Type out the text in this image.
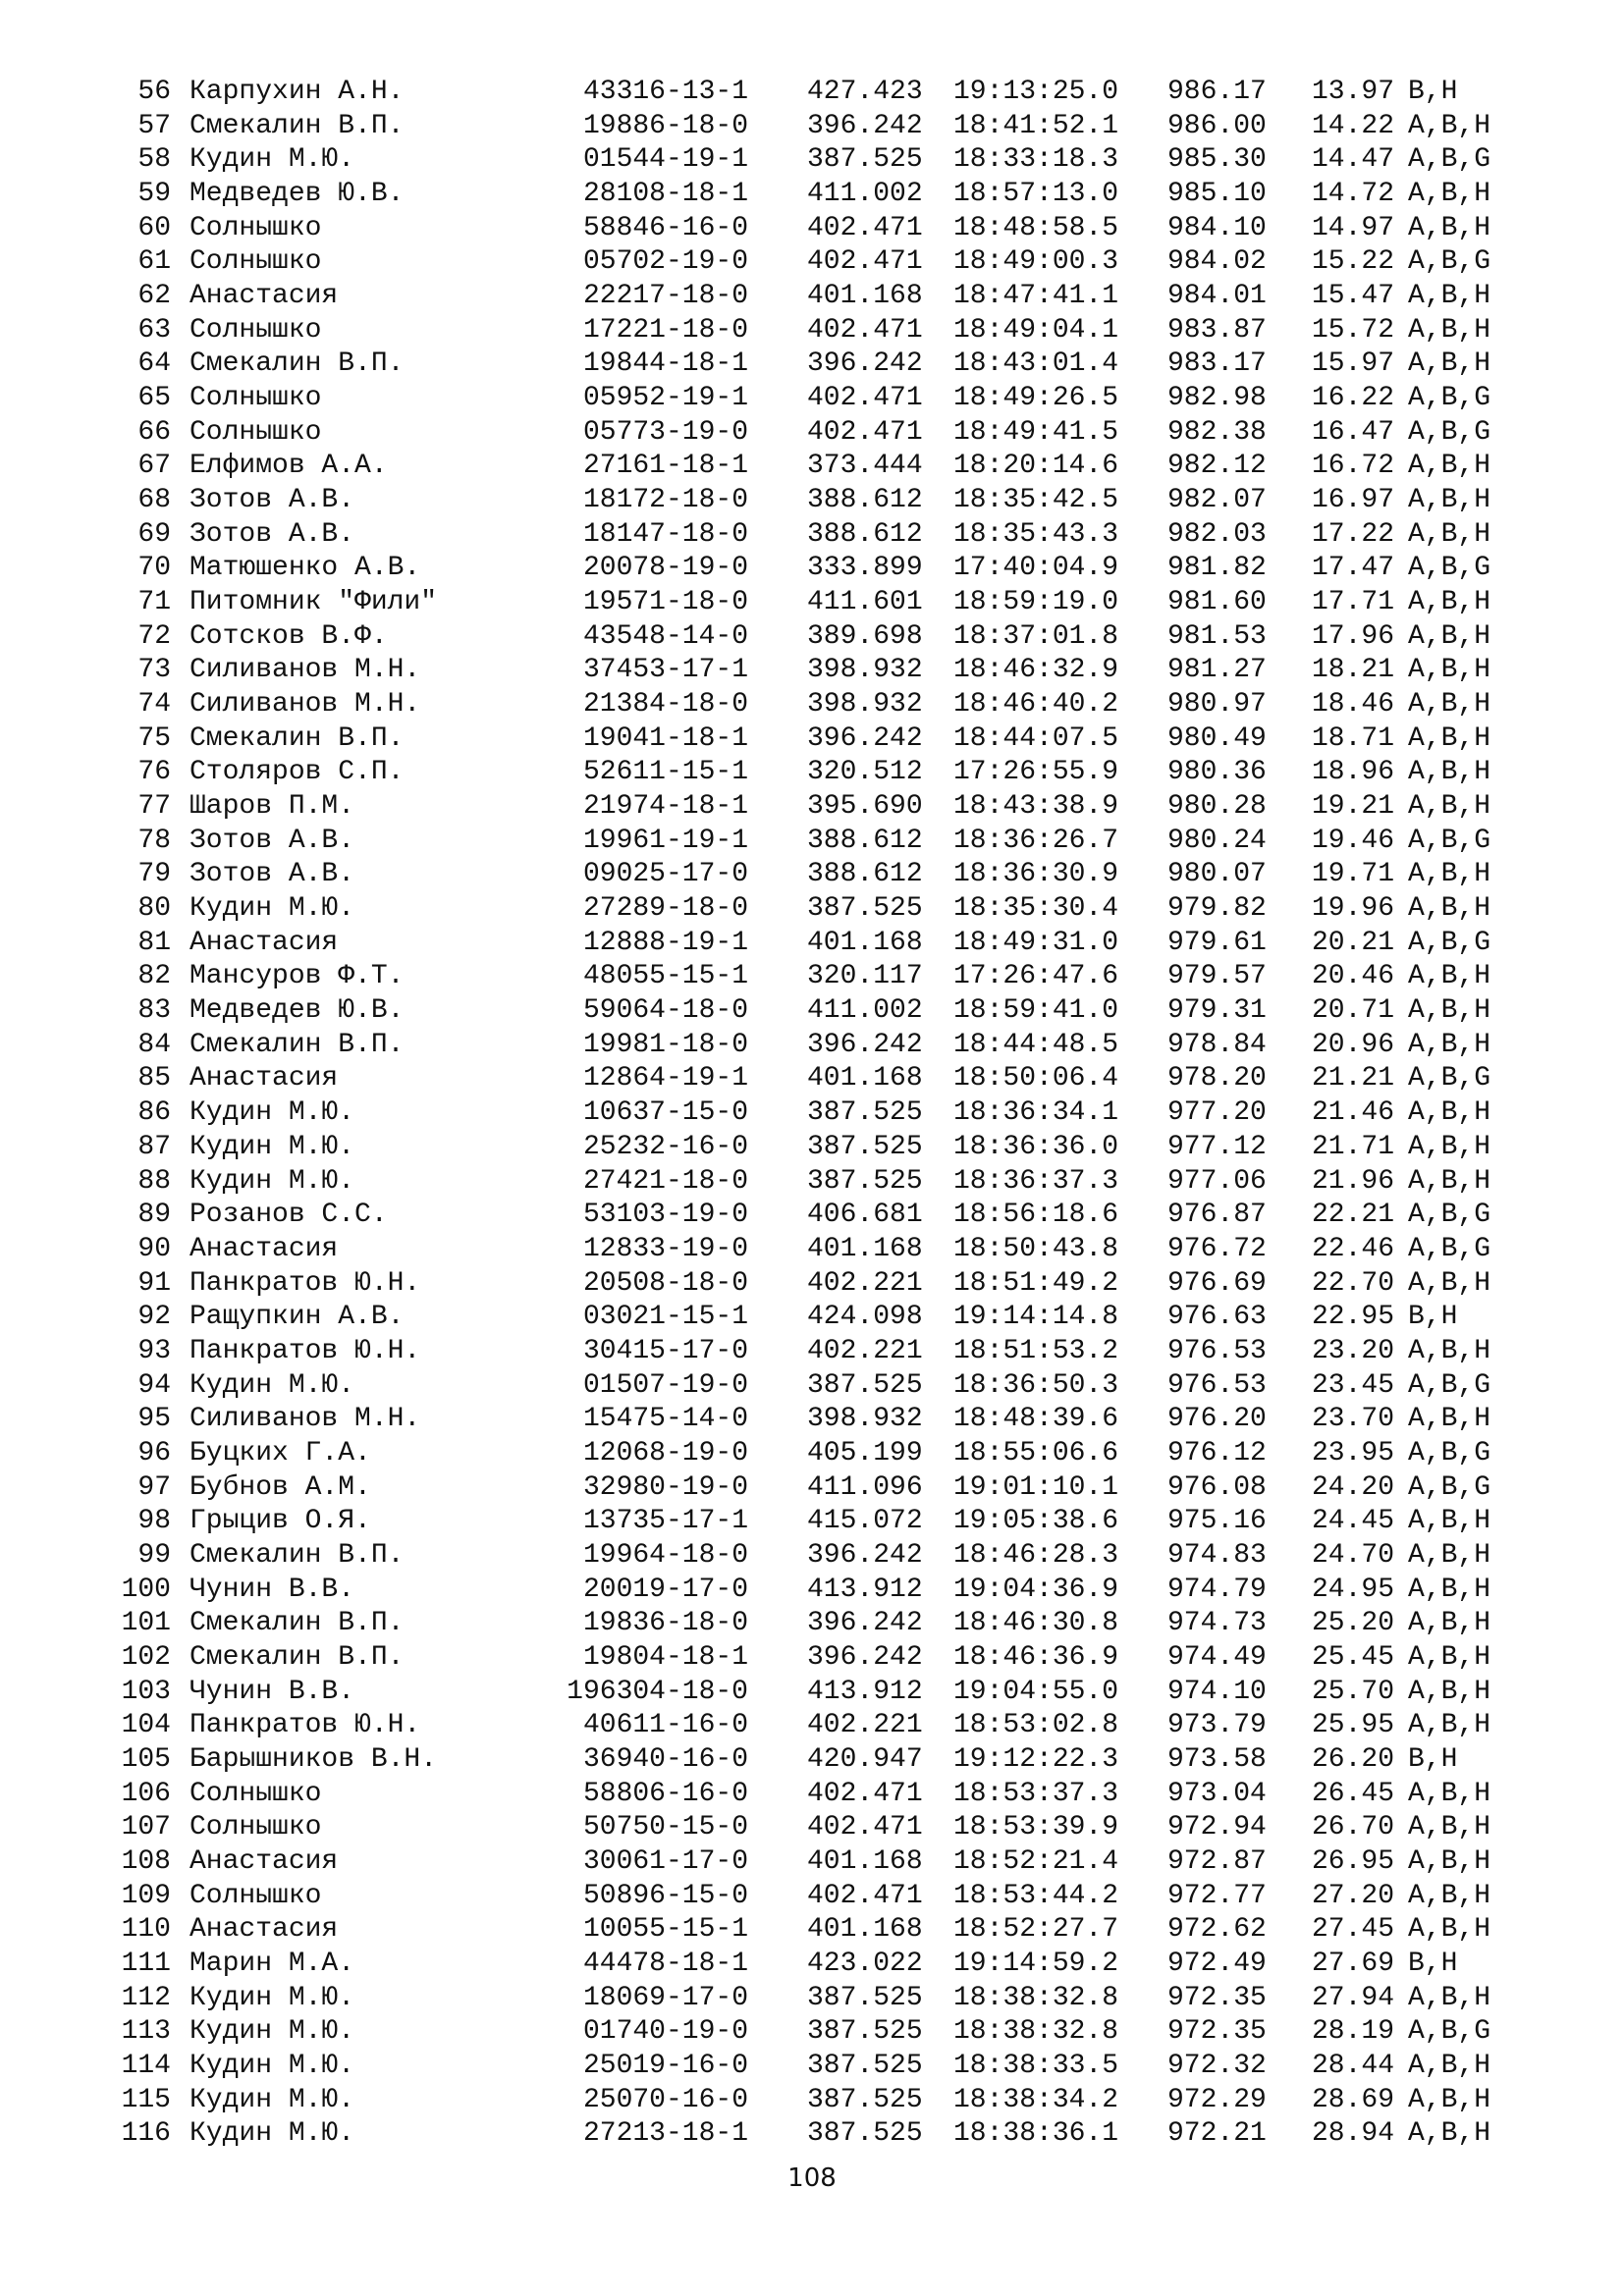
56 Карпухин А.Н.	43316-13-1 427.423 19:13:25.0 986.17 13.97 B,H
57 Смекалин В.П.	19886-18-0 396.242 18:41:52.1 986.00 14.22 A,B,H
58 Кудин М.Ю.	01544-19-1 387.525 18:33:18.3 985.30 14.47 A,B,G
59 Медведев Ю.В.	28108-18-1 411.002 18:57:13.0 985.10 14.72 A,B,H
60 Солнышко	58846-16-0 402.471 18:48:58.5 984.10 14.97 A,B,H
61 Солнышко	05702-19-0 402.471 18:49:00.3 984.02 15.22 A,B,G
62 Анастасия	22217-18-0 401.168 18:47:41.1 984.01 15.47 A,B,H
63 Солнышко	17221-18-0 402.471 18:49:04.1 983.87 15.72 A,B,H
64 Смекалин В.П.	19844-18-1 396.242 18:43:01.4 983.17 15.97 A,B,H
65 Солнышко	05952-19-1 402.471 18:49:26.5 982.98 16.22 A,B,G
66 Солнышко	05773-19-0 402.471 18:49:41.5 982.38 16.47 A,B,G
67 Елфимов А.А.	27161-18-1 373.444 18:20:14.6 982.12 16.72 A,B,H
68 Зотов А.В.	18172-18-0 388.612 18:35:42.5 982.07 16.97 A,B,H
69 Зотов А.В.	18147-18-0 388.612 18:35:43.3 982.03 17.22 A,B,H
70 Матюшенко А.В.	20078-19-0 333.899 17:40:04.9 981.82 17.47 A,B,G
71 Питомник "Фили"	19571-18-0 411.601 18:59:19.0 981.60 17.71 A,B,H
72 Сотсков В.Ф.	43548-14-0 389.698 18:37:01.8 981.53 17.96 A,B,H
73 Силиванов М.Н.	37453-17-1 398.932 18:46:32.9 981.27 18.21 A,B,H
74 Силиванов М.Н.	21384-18-0 398.932 18:46:40.2 980.97 18.46 A,B,H
75 Смекалин В.П.	19041-18-1 396.242 18:44:07.5 980.49 18.71 A,B,H
76 Столяров С.П.	52611-15-1 320.512 17:26:55.9 980.36 18.96 A,B,H
77 Шаров П.М.	21974-18-1 395.690 18:43:38.9 980.28 19.21 A,B,H
78 Зотов А.В.	19961-19-1 388.612 18:36:26.7 980.24 19.46 A,B,G
79 Зотов А.В.	09025-17-0 388.612 18:36:30.9 980.07 19.71 A,B,H
80 Кудин М.Ю.	27289-18-0 387.525 18:35:30.4 979.82 19.96 A,B,H
81 Анастасия	12888-19-1 401.168 18:49:31.0 979.61 20.21 A,B,G
82 Мансуров Ф.Т.	48055-15-1 320.117 17:26:47.6 979.57 20.46 A,B,H
83 Медведев Ю.В.	59064-18-0 411.002 18:59:41.0 979.31 20.71 A,B,H
84 Смекалин В.П.	19981-18-0 396.242 18:44:48.5 978.84 20.96 A,B,H
85 Анастасия	12864-19-1 401.168 18:50:06.4 978.20 21.21 A,B,G
86 Кудин М.Ю.	10637-15-0 387.525 18:36:34.1 977.20 21.46 A,B,H
87 Кудин М.Ю.	25232-16-0 387.525 18:36:36.0 977.12 21.71 A,B,H
88 Кудин М.Ю.	27421-18-0 387.525 18:36:37.3 977.06 21.96 A,B,H
89 Розанов С.С.	53103-19-0 406.681 18:56:18.6 976.87 22.21 A,B,G
90 Анастасия	12833-19-0 401.168 18:50:43.8 976.72 22.46 A,B,G
91 Панкратов Ю.Н.	20508-18-0 402.221 18:51:49.2 976.69 22.70 A,B,H
92 Ращупкин А.В.	03021-15-1 424.098 19:14:14.8 976.63 22.95 B,H
93 Панкратов Ю.Н.	30415-17-0 402.221 18:51:53.2 976.53 23.20 A,B,H
94 Кудин М.Ю.	01507-19-0 387.525 18:36:50.3 976.53 23.45 A,B,G
95 Силиванов М.Н.	15475-14-0 398.932 18:48:39.6 976.20 23.70 A,B,H
96 Буцких Г.А.	12068-19-0 405.199 18:55:06.6 976.12 23.95 A,B,G
97 Бубнов А.М.	32980-19-0 411.096 19:01:10.1 976.08 24.20 A,B,G
98 Грыцив О.Я.	13735-17-1 415.072 19:05:38.6 975.16 24.45 A,B,H
99 Смекалин В.П.	19964-18-0 396.242 18:46:28.3 974.83 24.70 A,B,H
100 Чунин В.В.	20019-17-0 413.912 19:04:36.9 974.79 24.95 A,B,H
101 Смекалин В.П.	19836-18-0 396.242 18:46:30.8 974.73 25.20 A,B,H
102 Смекалин В.П.	19804-18-1 396.242 18:46:36.9 974.49 25.45 A,B,H
103 Чунин В.В.	196304-18-0 413.912 19:04:55.0 974.10 25.70 A,B,H
104 Панкратов Ю.Н.	40611-16-0 402.221 18:53:02.8 973.79 25.95 A,B,H
105 Барышников В.Н.	36940-16-0 420.947 19:12:22.3 973.58 26.20 B,H
106 Солнышко	58806-16-0 402.471 18:53:37.3 973.04 26.45 A,B,H
107 Солнышко	50750-15-0 402.471 18:53:39.9 972.94 26.70 A,B,H
108 Анастасия	30061-17-0 401.168 18:52:21.4 972.87 26.95 A,B,H
109 Солнышко	50896-15-0 402.471 18:53:44.2 972.77 27.20 A,B,H
110 Анастасия	10055-15-1 401.168 18:52:27.7 972.62 27.45 A,B,H
111 Марин М.А.	44478-18-1 423.022 19:14:59.2 972.49 27.69 B,H
112 Кудин М.Ю.	18069-17-0 387.525 18:38:32.8 972.35 27.94 A,B,H
113 Кудин М.Ю.	01740-19-0 387.525 18:38:32.8 972.35 28.19 A,B,G
114 Кудин М.Ю.	25019-16-0 387.525 18:38:33.5 972.32 28.44 A,B,H
115 Кудин М.Ю.	25070-16-0 387.525 18:38:34.2 972.29 28.69 A,B,H
116 Кудин М.Ю.	27213-18-1 387.525 18:38:36.1 972.21 28.94 A,B,H
108
